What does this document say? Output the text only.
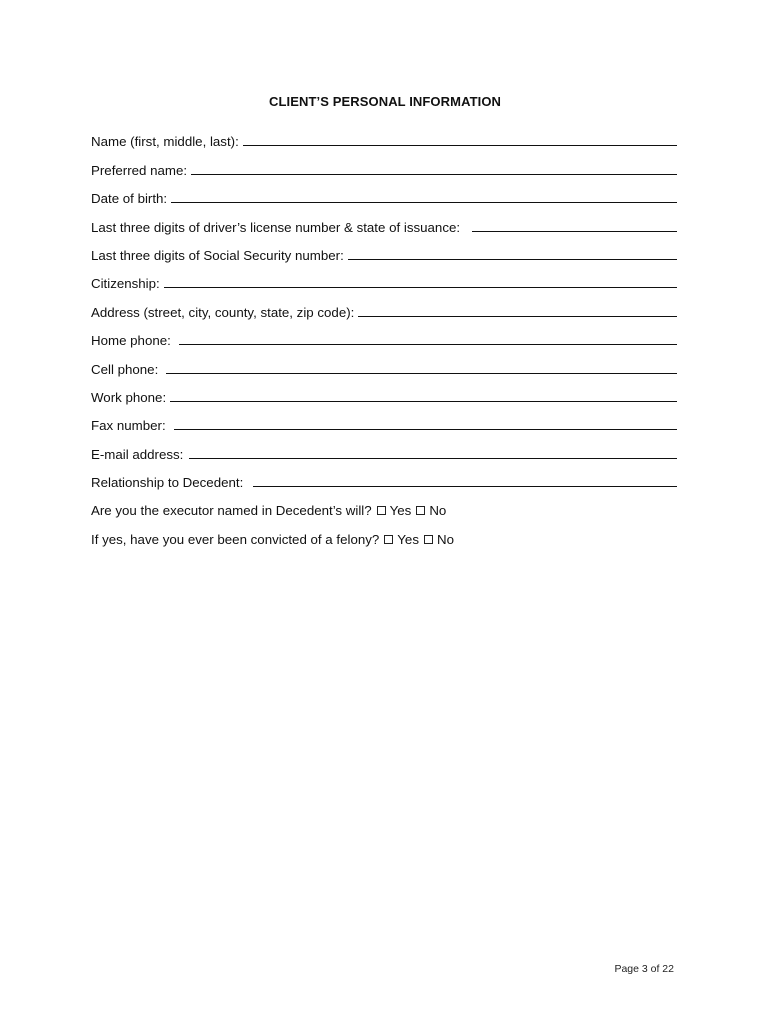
CLIENT’S PERSONAL INFORMATION
Name (first, middle, last):
Preferred name:
Date of birth:
Last three digits of driver’s license number & state of issuance:
Last three digits of Social Security number:
Citizenship:
Address (street, city, county, state, zip code):
Home phone:
Cell phone:
Work phone:
Fax number:
E-mail address:
Relationship to Decedent:
Are you the executor named in Decedent’s will? Yes No
If yes, have you ever been convicted of a felony? Yes No
Page 3 of 22
